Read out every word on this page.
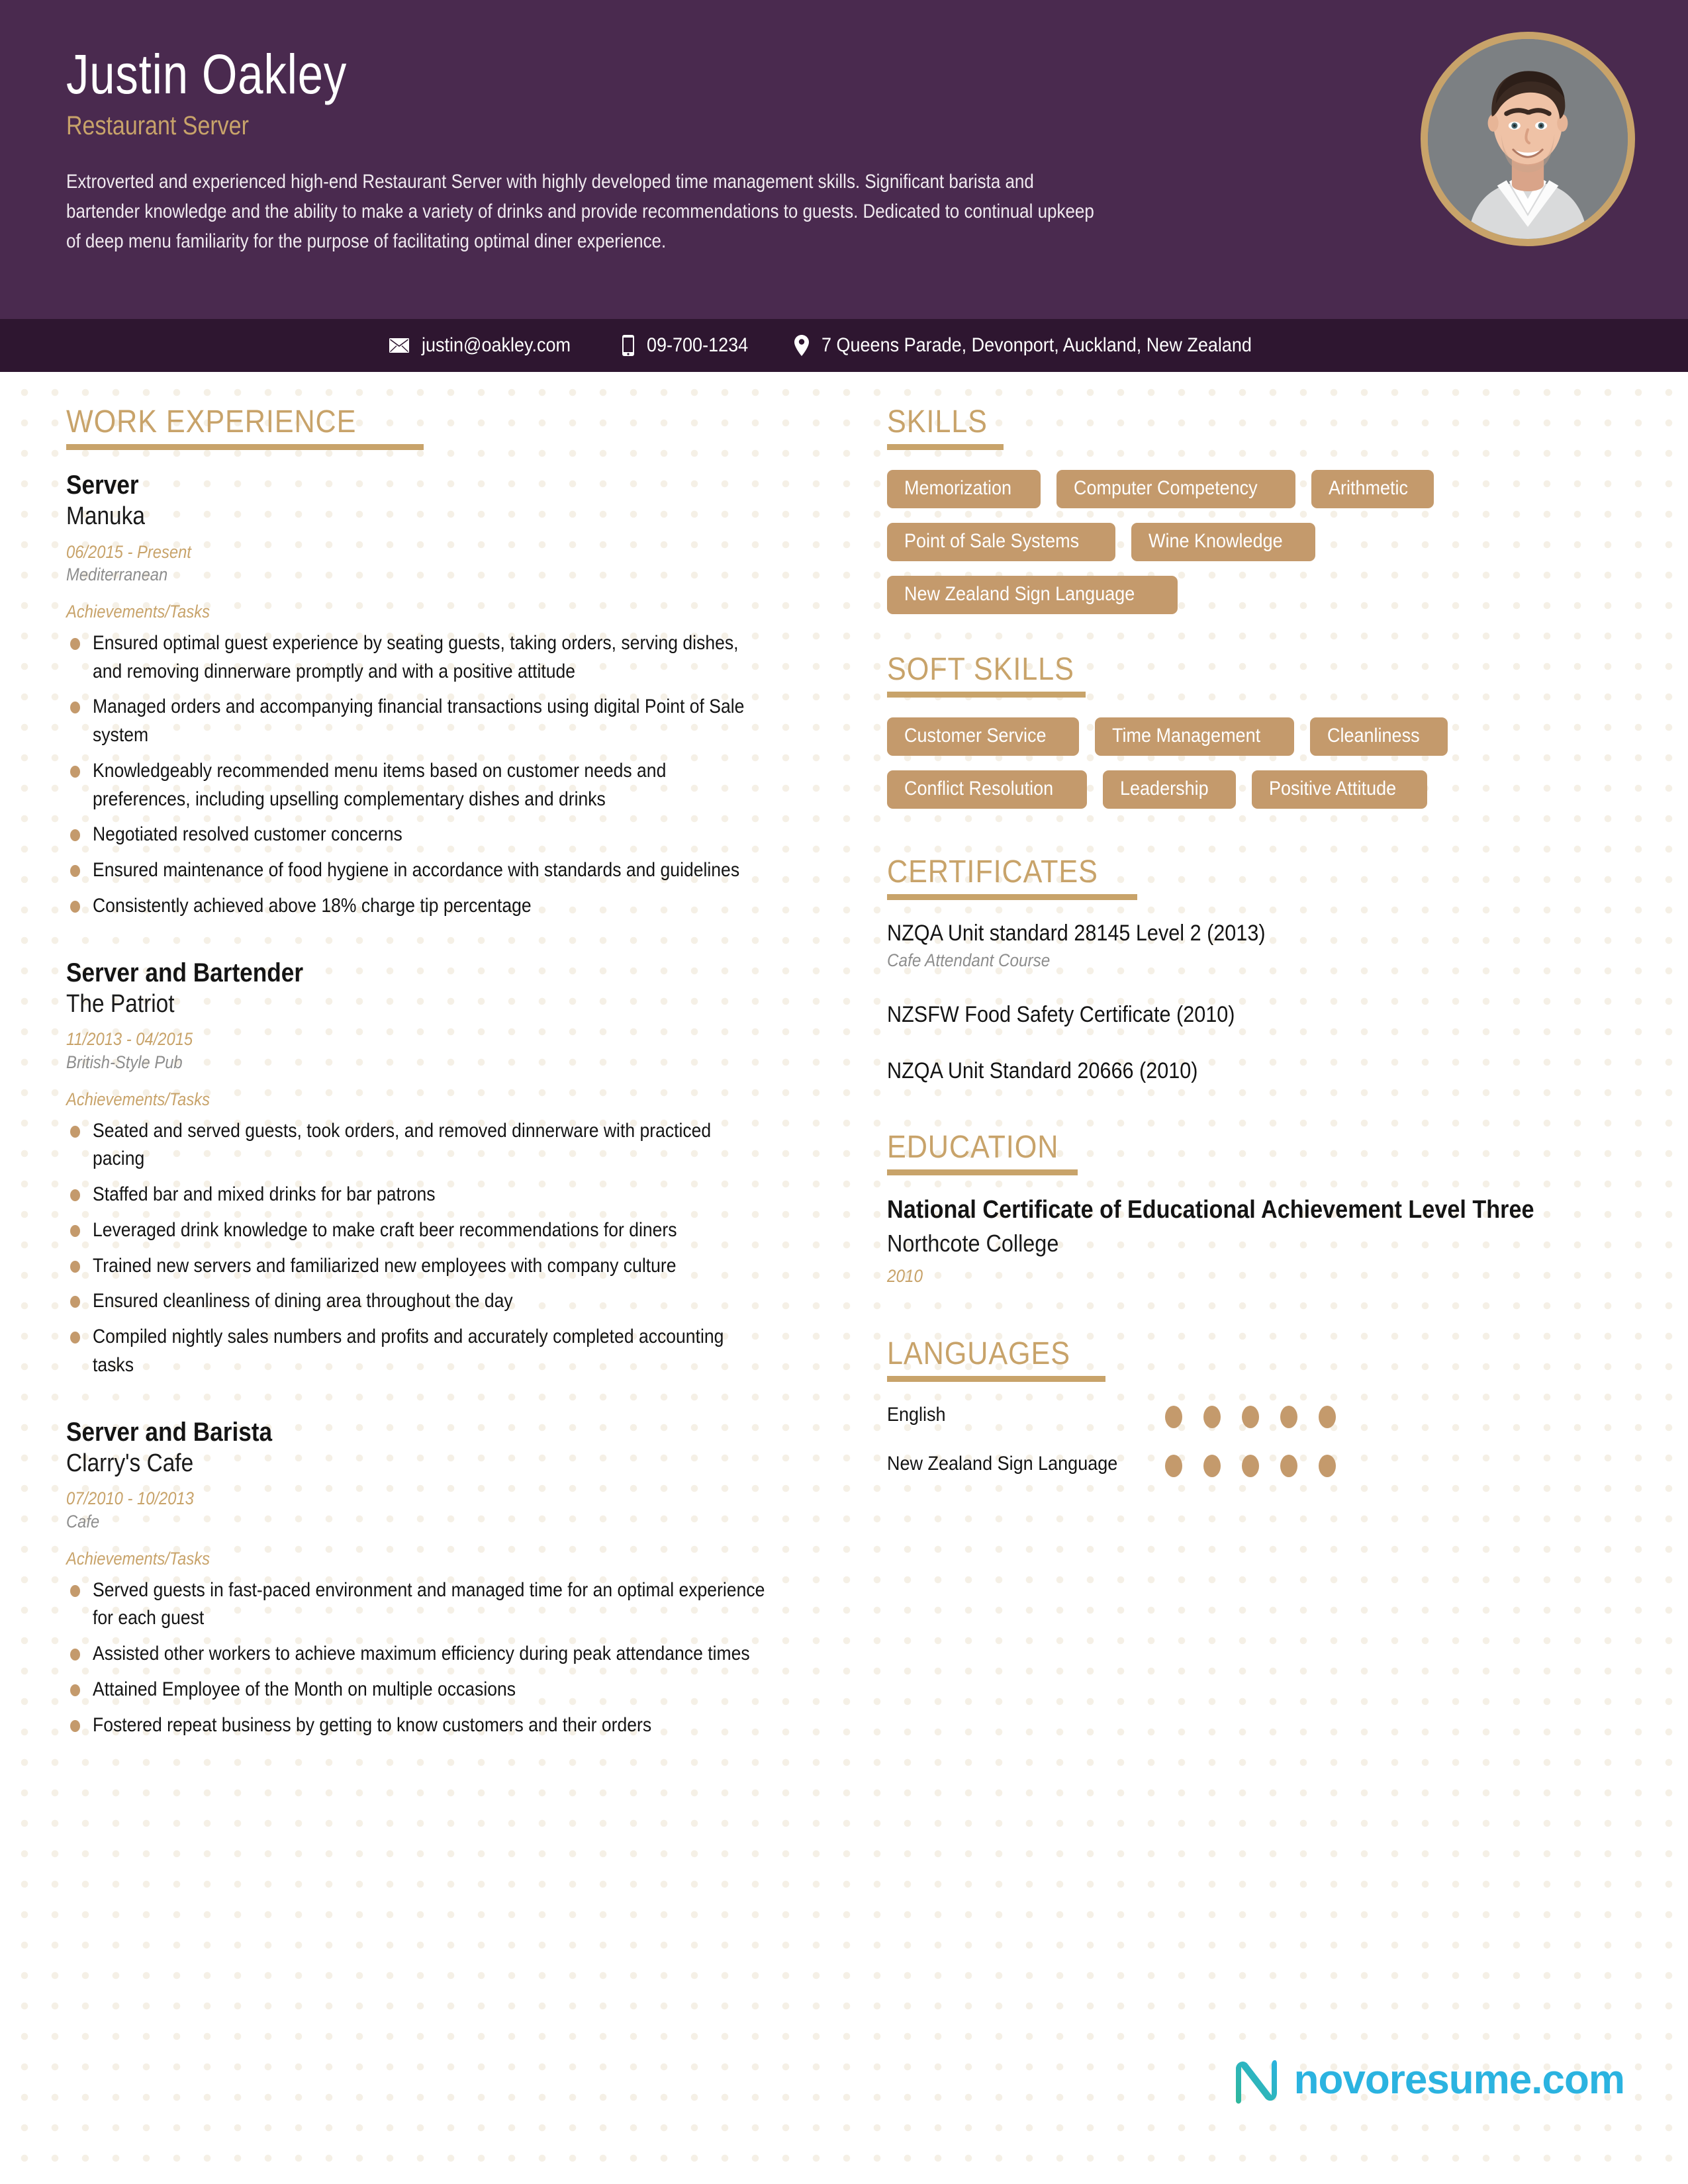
Justin Oakley
Restaurant Server
Extroverted and experienced high-end Restaurant Server with highly developed time management skills. Significant barista and bartender knowledge and the ability to make a variety of drinks and provide recommendations to guests. Dedicated to continual upkeep of deep menu familiarity for the purpose of facilitating optimal diner experience.
justin@oakley.com	09-700-1234	7 Queens Parade, Devonport, Auckland, New Zealand
WORK EXPERIENCE
Server
Manuka
06/2015 - Present
Mediterranean
Achievements/Tasks
Ensured optimal guest experience by seating guests, taking orders, serving dishes, and removing dinnerware promptly and with a positive attitude
Managed orders and accompanying financial transactions using digital Point of Sale system
Knowledgeably recommended menu items based on customer needs and preferences, including upselling complementary dishes and drinks
Negotiated resolved customer concerns
Ensured maintenance of food hygiene in accordance with standards and guidelines
Consistently achieved above 18% charge tip percentage
Server and Bartender
The Patriot
11/2013 - 04/2015
British-Style Pub
Achievements/Tasks
Seated and served guests, took orders, and removed dinnerware with practiced pacing
Staffed bar and mixed drinks for bar patrons
Leveraged drink knowledge to make craft beer recommendations for diners
Trained new servers and familiarized new employees with company culture
Ensured cleanliness of dining area throughout the day
Compiled nightly sales numbers and profits and accurately completed accounting tasks
Server and Barista
Clarry's Cafe
07/2010 - 10/2013
Cafe
Achievements/Tasks
Served guests in fast-paced environment and managed time for an optimal experience for each guest
Assisted other workers to achieve maximum efficiency during peak attendance times
Attained Employee of the Month on multiple occasions
Fostered repeat business by getting to know customers and their orders
SKILLS
Memorization	Computer Competency	Arithmetic
Point of Sale Systems	Wine Knowledge
New Zealand Sign Language
SOFT SKILLS
Customer Service	Time Management	Cleanliness
Conflict Resolution	Leadership	Positive Attitude
CERTIFICATES
NZQA Unit standard 28145 Level 2 (2013)
Cafe Attendant Course
NZSFW Food Safety Certificate (2010)
NZQA Unit Standard 20666 (2010)
EDUCATION
National Certificate of Educational Achievement Level Three
Northcote College
2010
LANGUAGES
English
New Zealand Sign Language
novoresume.com
